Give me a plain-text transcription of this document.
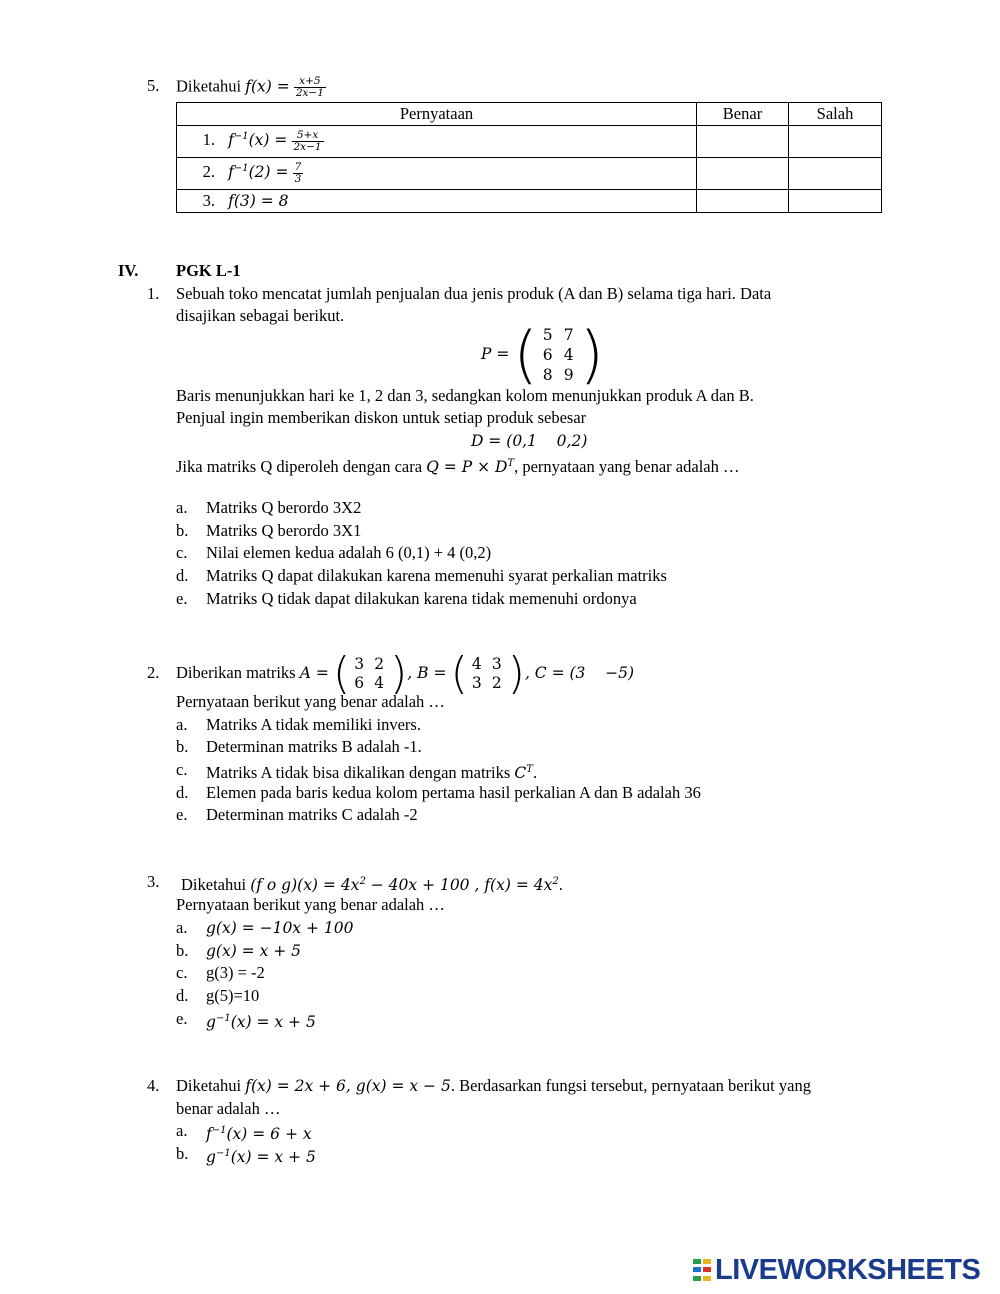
5. Diketahui $f(x) = \frac{x+5}{2x-1}$
Pernyataan	Benar	Salah
1. $f^{-1}(x) = \frac{5+x}{2x-1}$

2. $f^{-1}(2) = \frac{7}{3}$

3. f(3) = 8		
IV. PGK L-1
1. Sebuah toko mencatat jumlah penjualan dua jenis produk (A dan B) selama tiga hari. Data
disajikan sebagai berikut.
P = ( 5 7
6 4
8 9 )
Baris menunjukkan hari ke 1, 2 dan 3, sedangkan kolom menunjukkan produk A dan B.
Penjual ingin memberikan diskon untuk setiap produk sebesar
D = (0,1    0,2)
Jika matriks Q diperoleh dengan cara $Q = P \times D^T$, pernyataan yang benar adalah …
a. Matriks Q berordo 3X2
b. Matriks Q berordo 3X1
c. Nilai elemen kedua adalah 6 (0,1) + 4 (0,2)
d. Matriks Q dapat dilakukan karena memenuhi syarat perkalian matriks
e. Matriks Q tidak dapat dilakukan karena tidak memenuhi ordonya
2. Diberikan matriks A = ( 3 2
6 4 ) , B = ( 4 3
3 2 ) , C = (3    −5)
Pernyataan berikut yang benar adalah …
a. Matriks A tidak memiliki invers.
b. Determinan matriks B adalah -1.
c. Matriks A tidak bisa dikalikan dengan matriks $C^T$.
d. Elemen pada baris kedua kolom pertama hasil perkalian A dan B adalah 36
e. Determinan matriks C adalah -2
3. Diketahui (f o $g)(x) = 4x^2 - 40x + 100$ , $f(x) = 4x^2$.
Pernyataan berikut yang benar adalah …
a. g(x) = −10x + 100
b. g(x) = x + 5
c. g(3) = -2
d. g(5)=10
e. $g^{-1}(x) = x + 5$
4. Diketahui f(x) = 2x + 6, g(x) = x − 5. Berdasarkan fungsi tersebut, pernyataan berikut yang
benar adalah …
a. $f^{-1}(x) = 6 + x$
b. $g^{-1}(x) = x + 5$
LIVEWORKSHEETS
